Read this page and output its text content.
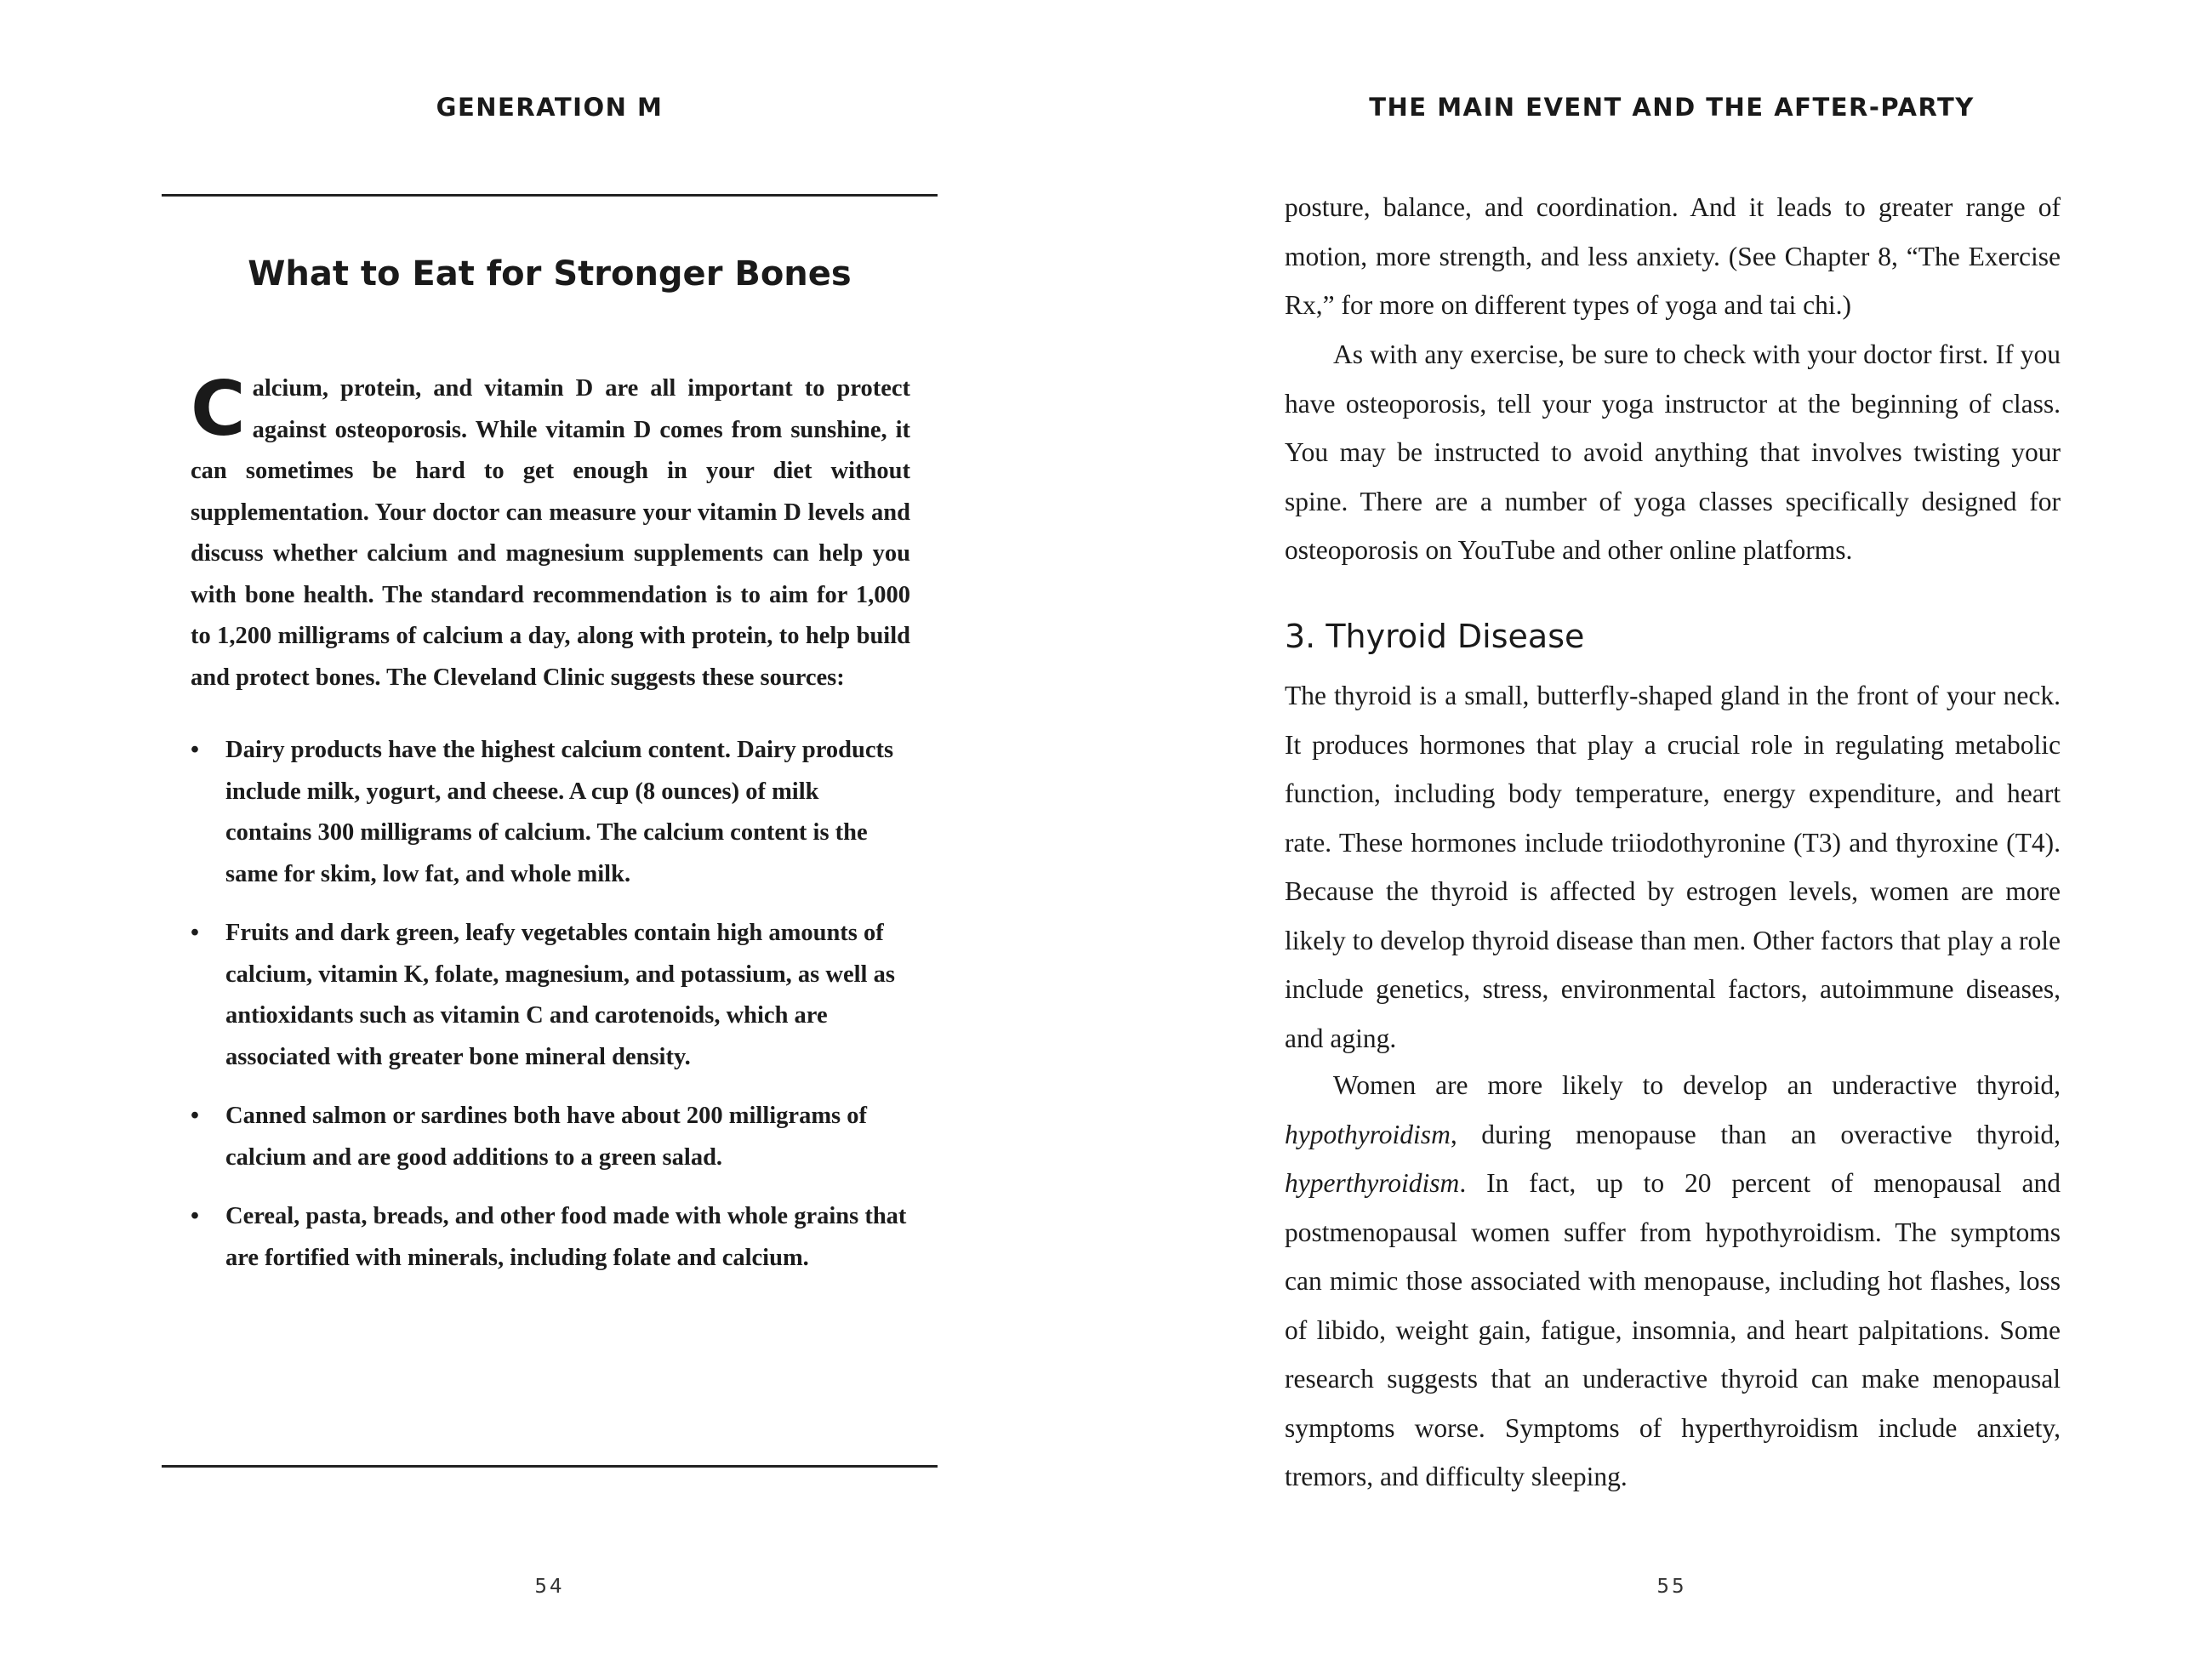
GENERATION M
What to Eat for Stronger Bones

Calcium, protein, and vitamin D are all important to protect against osteoporosis. While vitamin D comes from sunshine, it can sometimes be hard to get enough in your diet without supplementation. Your doctor can measure your vitamin D levels and discuss whether calcium and magnesium supplements can help you with bone health. The standard recommendation is to aim for 1,000 to 1,200 milligrams of calcium a day, along with protein, to help build and protect bones. The Cleveland Clinic suggests these sources:

• Dairy products have the highest calcium content. Dairy products include milk, yogurt, and cheese. A cup (8 ounces) of milk contains 300 milligrams of calcium. The calcium content is the same for skim, low fat, and whole milk.
• Fruits and dark green, leafy vegetables contain high amounts of calcium, vitamin K, folate, magnesium, and potassium, as well as antioxidants such as vitamin C and carotenoids, which are associated with greater bone mineral density.
• Canned salmon or sardines both have about 200 milligrams of calcium and are good additions to a green salad.
• Cereal, pasta, breads, and other food made with whole grains that are fortified with minerals, including folate and calcium.
54
THE MAIN EVENT AND THE AFTER-PARTY

posture, balance, and coordination. And it leads to greater range of motion, more strength, and less anxiety. (See Chapter 8, “The Exercise Rx,” for more on different types of yoga and tai chi.)

As with any exercise, be sure to check with your doctor first. If you have osteoporosis, tell your yoga instructor at the beginning of class. You may be instructed to avoid anything that involves twisting your spine. There are a number of yoga classes specifically designed for osteoporosis on YouTube and other online platforms.

3. Thyroid Disease

The thyroid is a small, butterfly-shaped gland in the front of your neck. It produces hormones that play a crucial role in regulating metabolic function, including body temperature, energy expenditure, and heart rate. These hormones include triiodothyronine (T3) and thyroxine (T4). Because the thyroid is affected by estrogen levels, women are more likely to develop thyroid disease than men. Other factors that play a role include genetics, stress, environmental factors, autoimmune diseases, and aging.

Women are more likely to develop an underactive thyroid, hypothyroidism, during menopause than an overactive thyroid, hyperthyroidism. In fact, up to 20 percent of menopausal and postmenopausal women suffer from hypothyroidism. The symptoms can mimic those associated with menopause, including hot flashes, loss of libido, weight gain, fatigue, insomnia, and heart palpitations. Some research suggests that an underactive thyroid can make menopausal symptoms worse. Symptoms of hyperthyroidism include anxiety, tremors, and difficulty sleeping.

55
